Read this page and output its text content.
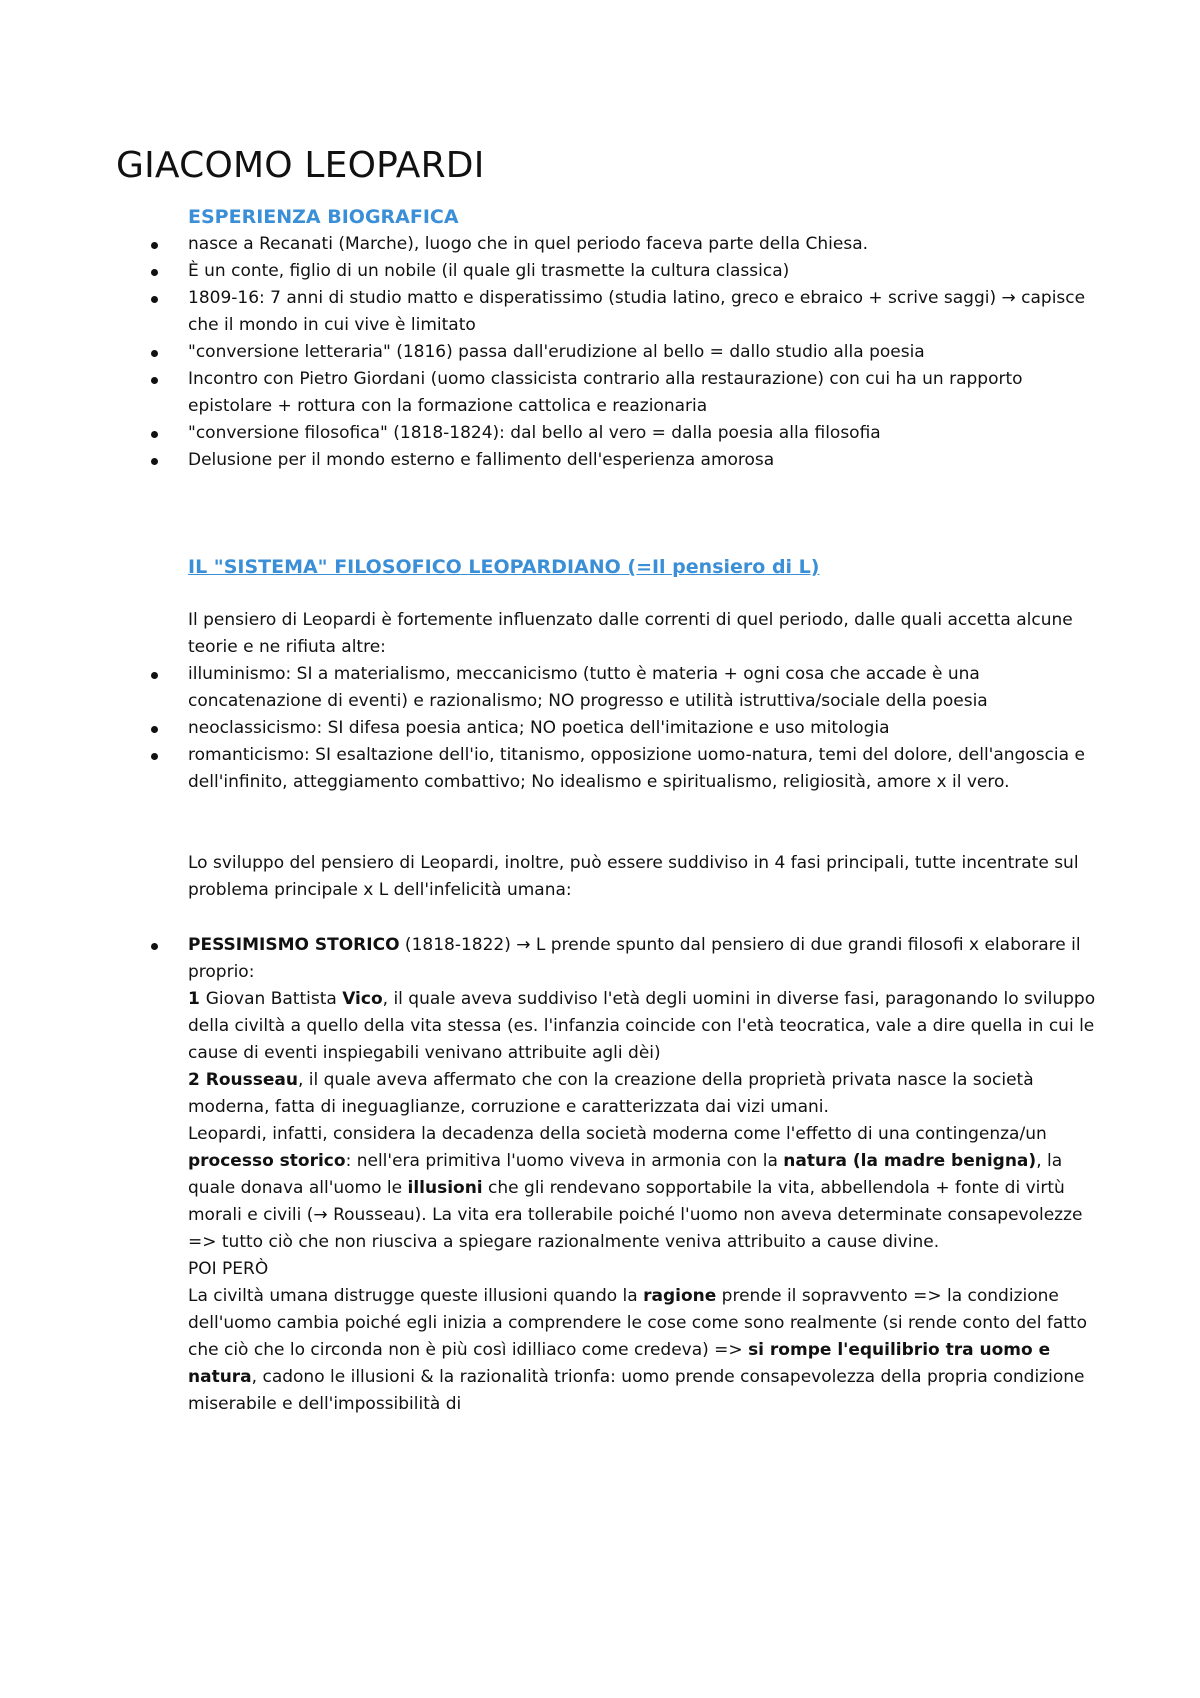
GIACOMO LEOPARDI
ESPERIENZA BIOGRAFICA
nasce a Recanati (Marche), luogo che in quel periodo faceva parte della Chiesa.
È un conte, figlio di un nobile (il quale gli trasmette la cultura classica)
1809-16: 7 anni di studio matto e disperatissimo (studia latino, greco e ebraico + scrive saggi) → capisce che il mondo in cui vive è limitato
"conversione letteraria" (1816) passa dall'erudizione al bello = dallo studio alla poesia
Incontro con Pietro Giordani (uomo classicista contrario alla restaurazione) con cui ha un rapporto epistolare + rottura con la formazione cattolica e reazionaria
"conversione filosofica" (1818-1824): dal bello al vero = dalla poesia alla filosofia
Delusione per il mondo esterno e fallimento dell'esperienza amorosa
IL "SISTEMA" FILOSOFICO LEOPARDIANO (=Il pensiero di L)

Il pensiero di Leopardi è fortemente influenzato dalle correnti di quel periodo, dalle quali accetta alcune teorie e ne rifiuta altre:

illuminismo: SI a materialismo, meccanicismo (tutto è materia + ogni cosa che accade è una concatenazione di eventi) e razionalismo; NO progresso e utilità istruttiva/sociale della poesia
neoclassicismo: SI difesa poesia antica; NO poetica dell'imitazione e uso mitologia
romanticismo: SI esaltazione dell'io, titanismo, opposizione uomo-natura, temi del dolore, dell'angoscia e dell'infinito, atteggiamento combattivo; No idealismo e spiritualismo, religiosità, amore x il vero.

Lo sviluppo del pensiero di Leopardi, inoltre, può essere suddiviso in 4 fasi principali, tutte incentrate sul problema principale x L dell'infelicità umana:

PESSIMISMO STORICO (1818-1822) → L prende spunto dal pensiero di due grandi filosofi x elaborare il proprio:
1 Giovan Battista Vico, il quale aveva suddiviso l'età degli uomini in diverse fasi, paragonando lo sviluppo della civiltà a quello della vita stessa (es. l'infanzia coincide con l'età teocratica, vale a dire quella in cui le cause di eventi inspiegabili venivano attribuite agli dèi)
2 Rousseau, il quale aveva affermato che con la creazione della proprietà privata nasce la società moderna, fatta di ineguaglianze, corruzione e caratterizzata dai vizi umani.
Leopardi, infatti, considera la decadenza della società moderna come l'effetto di una contingenza/un processo storico: nell'era primitiva l'uomo viveva in armonia con la natura (la madre benigna), la quale donava all'uomo le illusioni che gli rendevano sopportabile la vita, abbellendola + fonte di virtù morali e civili (→ Rousseau). La vita era tollerabile poiché l'uomo non aveva determinate consapevolezze => tutto ciò che non riusciva a spiegare razionalmente veniva attribuito a cause divine.
POI PERÒ
La civiltà umana distrugge queste illusioni quando la ragione prende il sopravvento => la condizione dell'uomo cambia poiché egli inizia a comprendere le cose come sono realmente (si rende conto del fatto che ciò che lo circonda non è più così idilliaco come credeva) => si rompe l'equilibrio tra uomo e natura, cadono le illusioni & la razionalità trionfa: uomo prende consapevolezza della propria condizione miserabile e dell'impossibilità di
